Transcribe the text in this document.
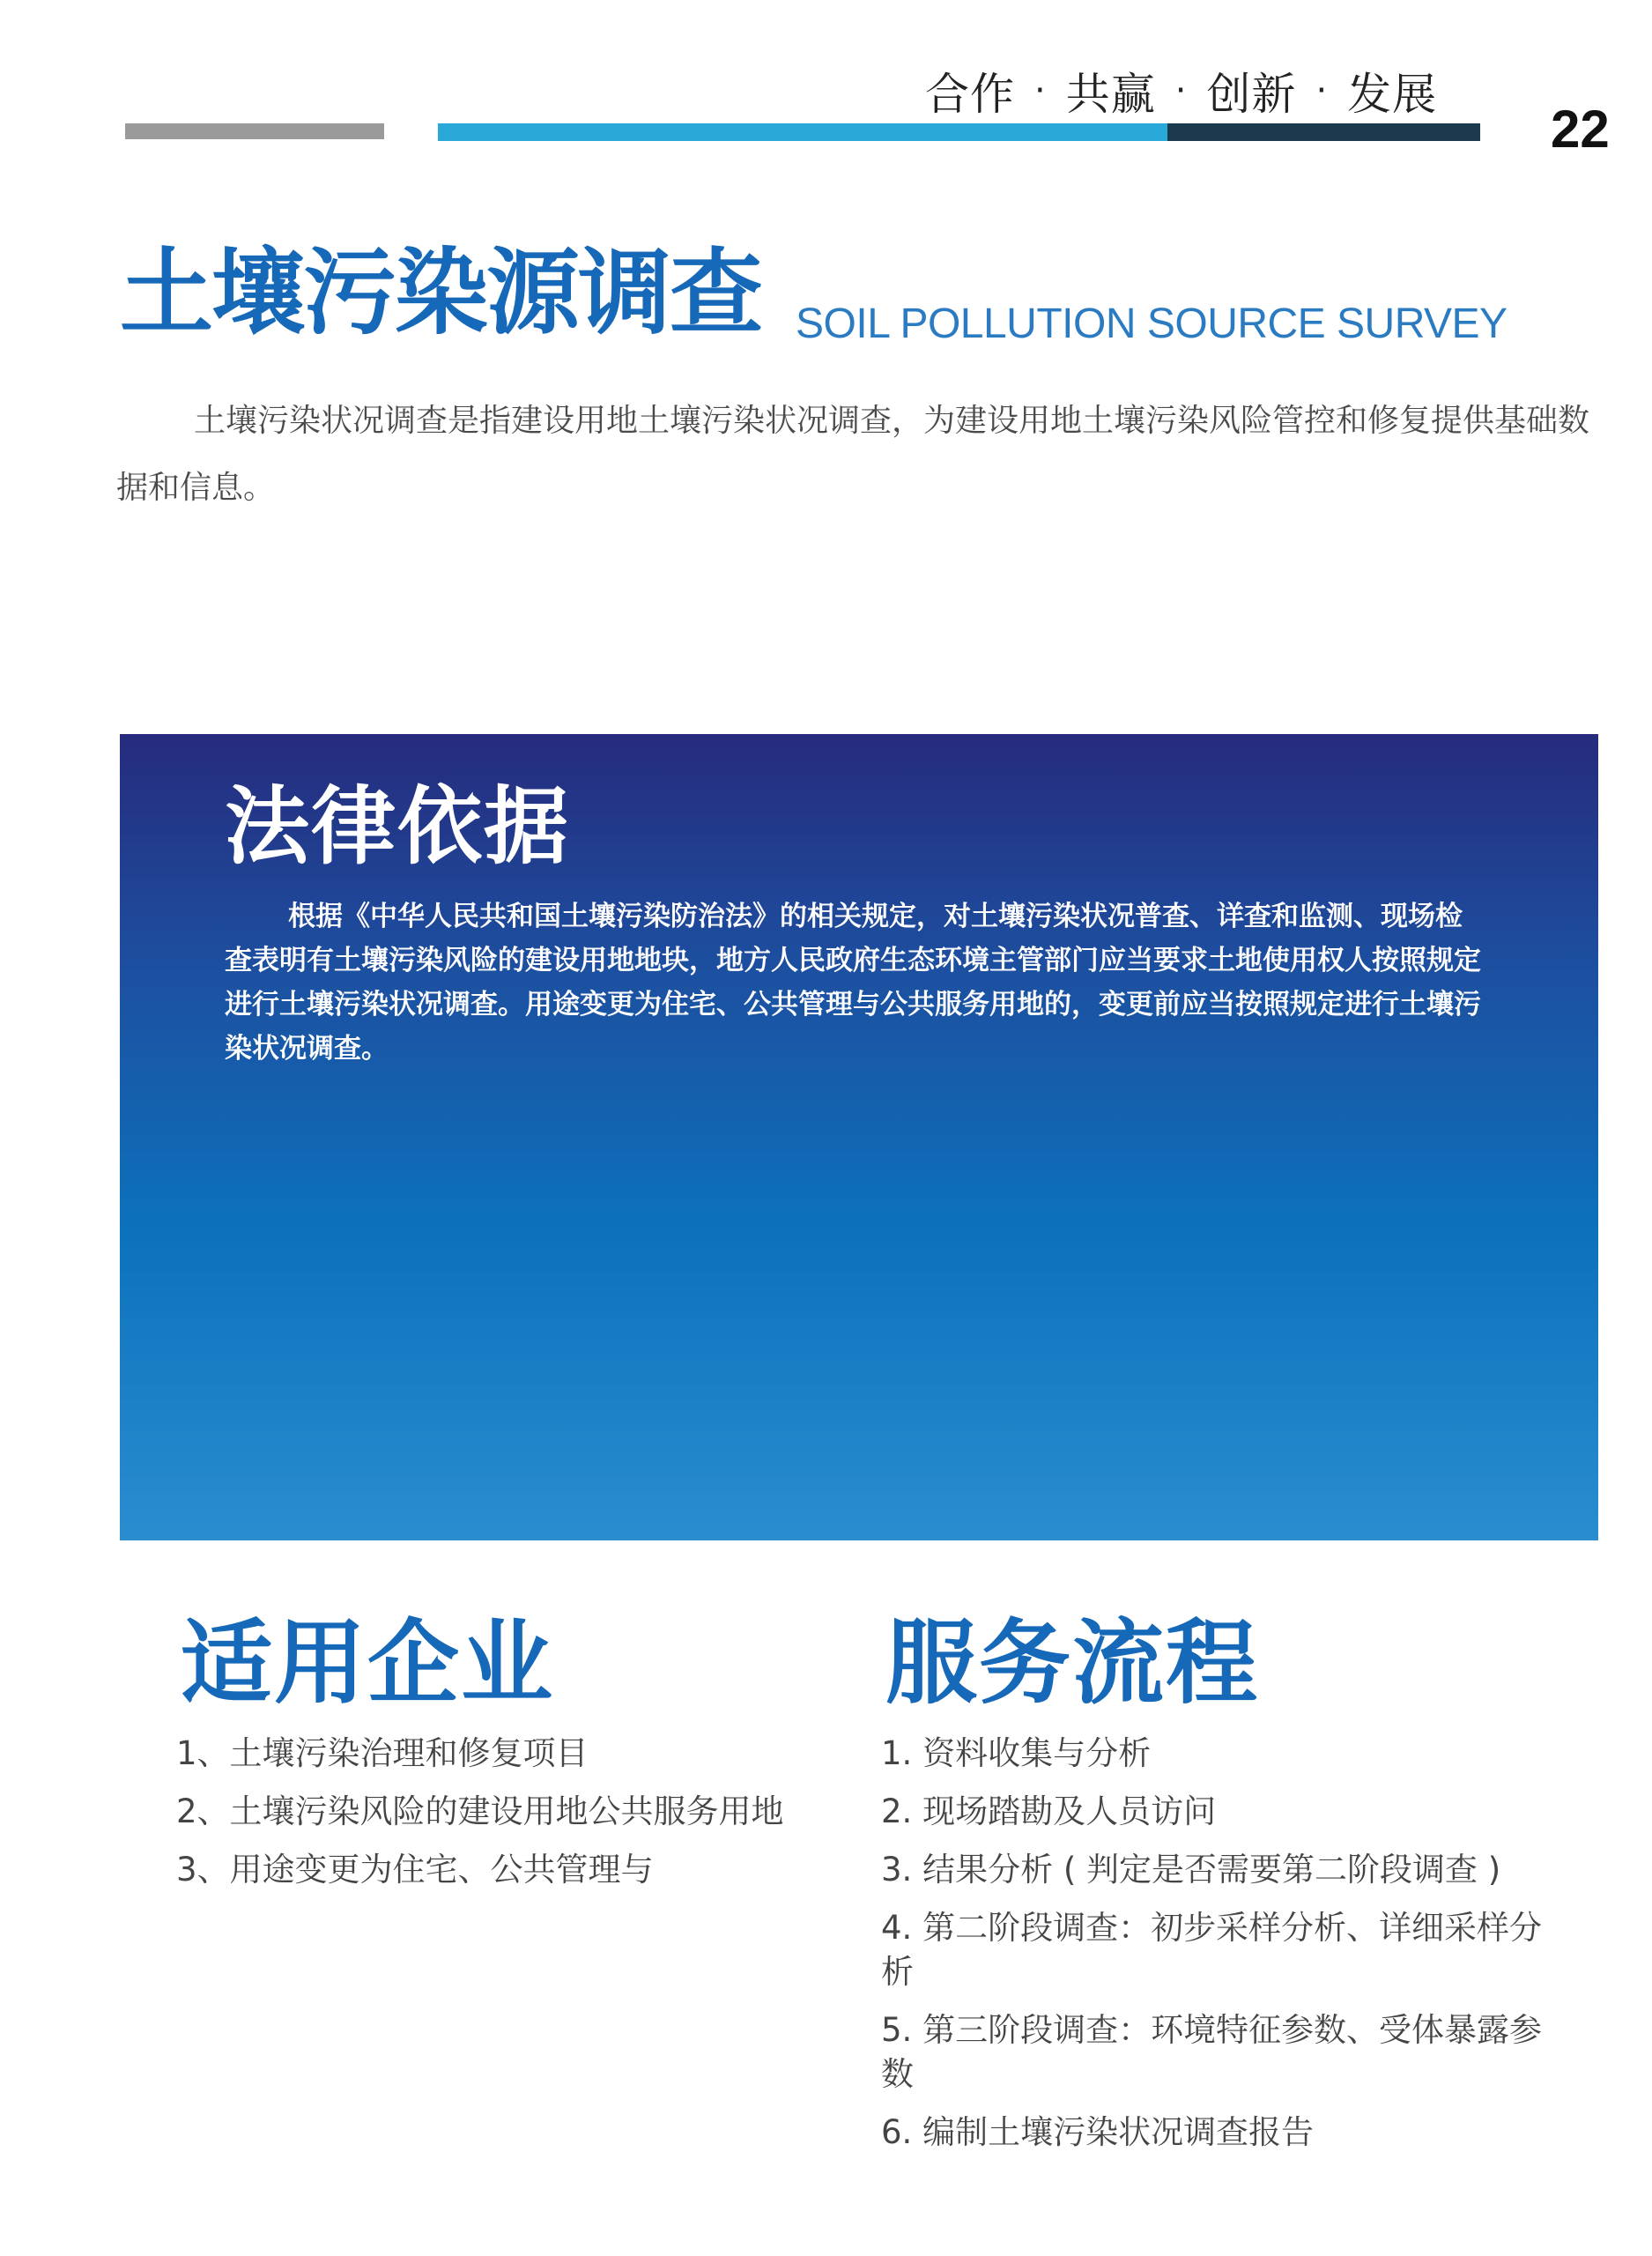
合作 · 共赢 · 创新 · 发展
22
土壤污染源调查 SOIL POLLUTION SOURCE SURVEY

土壤污染状况调查是指建设用地土壤污染状况调查，为建设用地土壤污染风险管控和修复提供基础数据和信息。

法律依据

根据《中华人民共和国土壤污染防治法》的相关规定，对土壤污染状况普查、详查和监测、现场检查表明有土壤污染风险的建设用地地块，地方人民政府生态环境主管部门应当要求土地使用权人按照规定进行土壤污染状况调查。用途变更为住宅、公共管理与公共服务用地的，变更前应当按照规定进行土壤污染状况调查。

适用企业
1、土壤污染治理和修复项目
2、土壤污染风险的建设用地公共服务用地
3、用途变更为住宅、公共管理与
服务流程
1. 资料收集与分析
2. 现场踏勘及人员访问
3. 结果分析 ( 判定是否需要第二阶段调查 )
4. 第二阶段调查：初步采样分析、详细采样分析
5. 第三阶段调查：环境特征参数、受体暴露参数
6. 编制土壤污染状况调查报告
